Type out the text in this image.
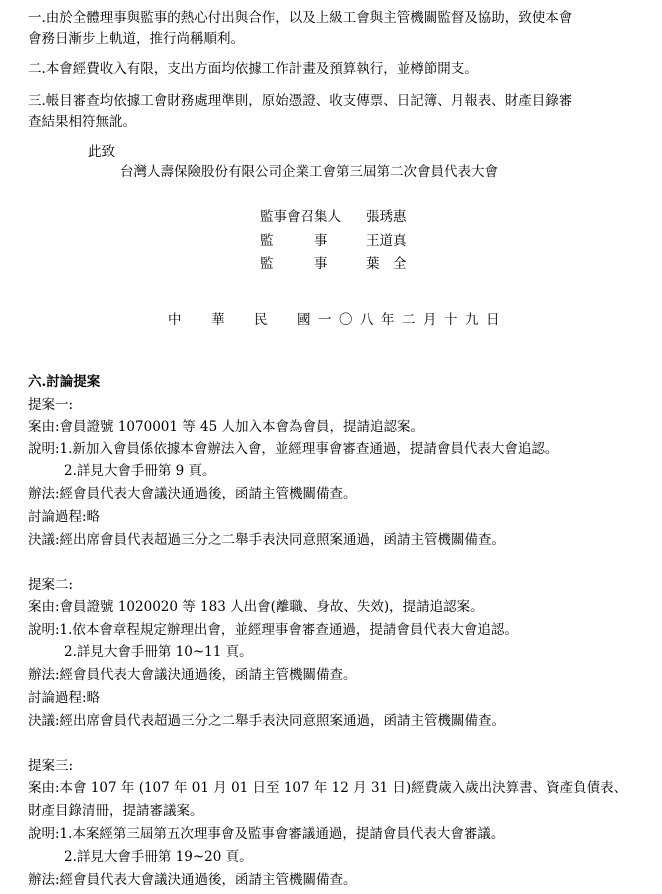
一.由於全體理事與監事的熱心付出與合作，以及上級工會與主管機關監督及協助，致使本會
會務日漸步上軌道，推行尚稱順利。
二.本會經費收入有限，支出方面均依據工作計畫及預算執行，並樽節開支。
三.帳目審查均依據工會財務處理準則，原始憑證、收支傳票、日記簿、月報表、財產目錄審
查結果相符無訛。
此致
台灣人壽保險股份有限公司企業工會第三屆第二次會員代表大會
監事會召集人 張琇惠
監　　　事	王道真
監　　　事	葉　全
中 華 民 國 一 〇 八 年 二 月 十 九 日
六.討論提案
提案一:
案由:會員證號 1070001 等 45 人加入本會為會員，提請追認案。
說明:1.新加入會員係依據本會辦法入會，並經理事會審查通過，提請會員代表大會追認。
2.詳見大會手冊第 9 頁。
辦法:經會員代表大會議決通過後，函請主管機關備查。
討論過程:略
決議:經出席會員代表超過三分之二舉手表決同意照案通過，函請主管機關備查。
提案二:
案由:會員證號 1020020 等 183 人出會(離職、身故、失效)，提請追認案。
說明:1.依本會章程規定辦理出會，並經理事會審查通過，提請會員代表大會追認。
2.詳見大會手冊第 10~11 頁。
辦法:經會員代表大會議決通過後，函請主管機關備查。
討論過程:略
決議:經出席會員代表超過三分之二舉手表決同意照案通過，函請主管機關備查。
提案三:
案由:本會 107 年 (107 年 01 月 01 日至 107 年 12 月 31 日)經費歲入歲出決算書、資產負債表、
財產目錄清冊，提請審議案。
說明:1.本案經第三屆第五次理事會及監事會審議通過，提請會員代表大會審議。
2.詳見大會手冊第 19~20 頁。
辦法:經會員代表大會議決通過後，函請主管機關備查。
